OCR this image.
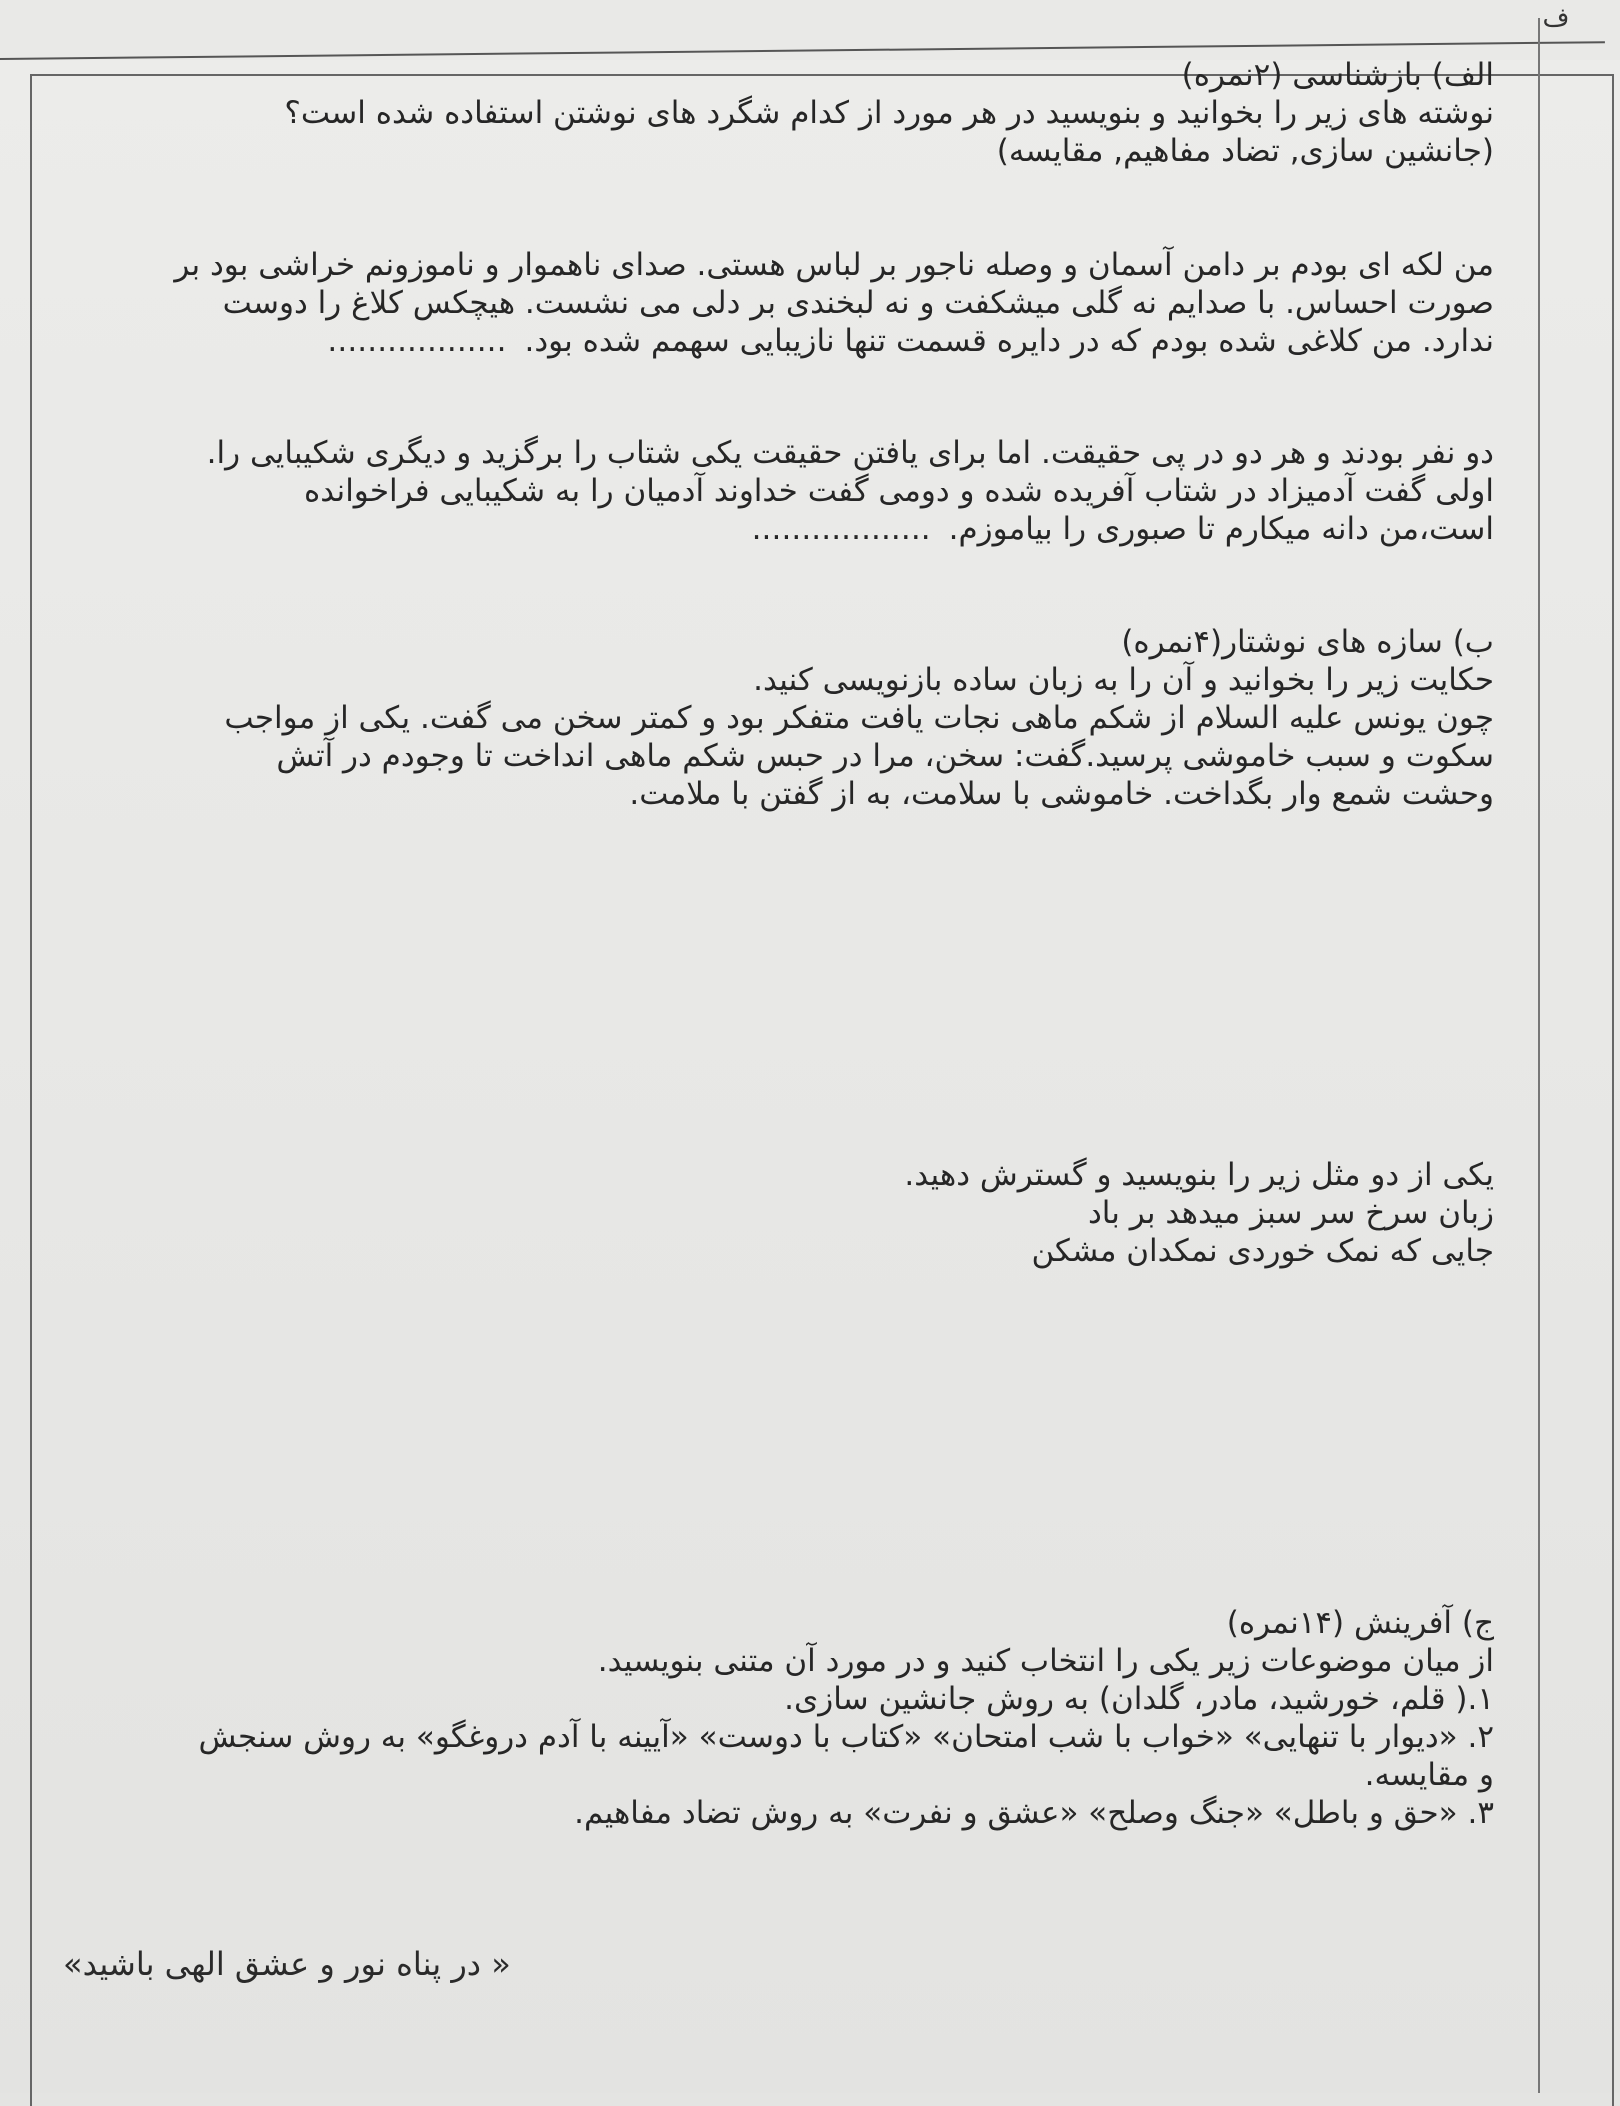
ف
الف) بازشناسی (۲نمره)
نوشته های زیر را بخوانید و بنویسید در هر مورد از کدام شگرد های نوشتن استفاده شده است؟
(جانشین سازی, تضاد مفاهیم, مقایسه)
من لکه ای بودم بر دامن آسمان و وصله ناجور بر لباس هستی. صدای ناهموار و ناموزونم خراشی بود بر
صورت احساس. با صدایم نه گلی میشکفت و نه لبخندی بر دلی می نشست. هیچکس کلاغ را دوست
ندارد. من کلاغی شده بودم که در دایره قسمت تنها نازیبایی سهمم شده بود. ..................
دو نفر بودند و هر دو در پی حقیقت. اما برای یافتن حقیقت یکی شتاب را برگزید و دیگری شکیبایی را.
اولی گفت آدمیزاد در شتاب آفریده شده و دومی گفت خداوند آدمیان را به شکیبایی فراخوانده
است،من دانه میکارم تا صبوری را بیاموزم. ..................
ب) سازه های نوشتار(۴نمره)
حکایت زیر را بخوانید و آن را به زبان ساده بازنویسی کنید.
چون یونس علیه السلام از شکم ماهی نجات یافت متفکر بود و کمتر سخن می گفت. یکی از مواجب
سکوت و سبب خاموشی پرسید.گفت: سخن، مرا در حبس شکم ماهی انداخت تا وجودم در آتش
وحشت شمع وار بگداخت. خاموشی با سلامت، به از گفتن با ملامت.
یکی از دو مثل زیر را بنویسید و گسترش دهید.
زبان سرخ سر سبز میدهد بر باد
جایی که نمک خوردی نمکدان مشکن
ج) آفرینش (۱۴نمره)
از میان موضوعات زیر یکی را انتخاب کنید و در مورد آن متنی بنویسید.
۱.( قلم، خورشید، مادر، گلدان) به روش جانشین سازی.
۲. «دیوار با تنهایی» «خواب با شب امتحان» «کتاب با دوست» «آیینه با آدم دروغگو» به روش سنجش
و مقایسه.
۳. «حق و باطل» «جنگ وصلح» «عشق و نفرت» به روش تضاد مفاهیم.
« در پناه نور و عشق الهی باشید»
